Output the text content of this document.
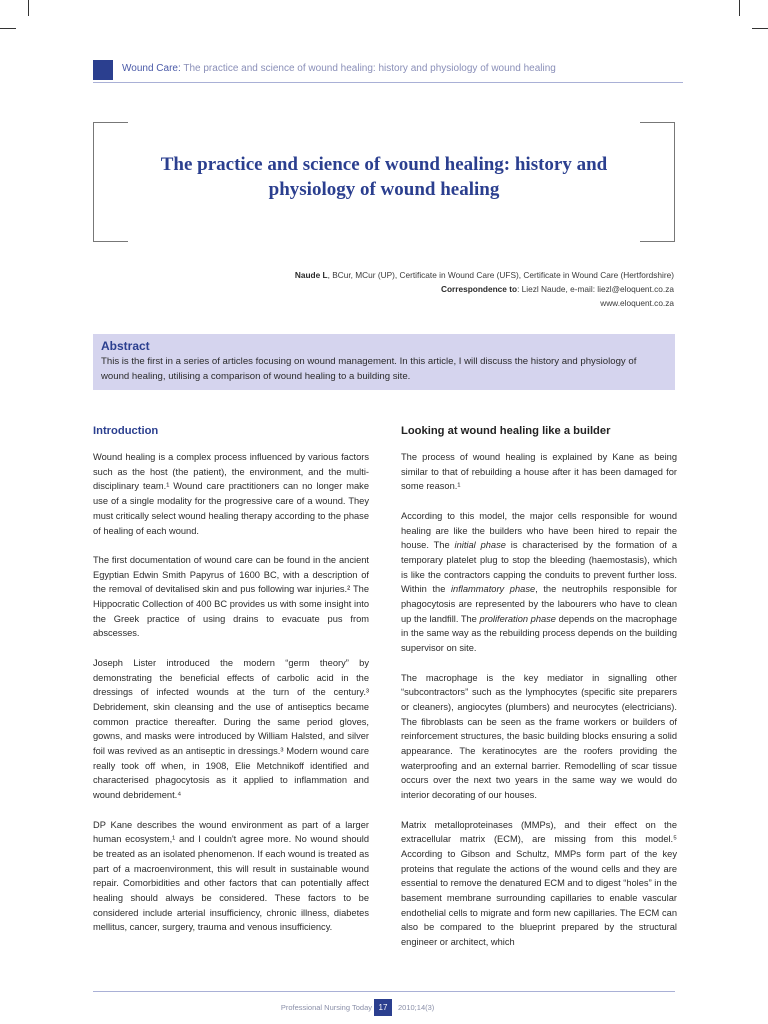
Wound Care: The practice and science of wound healing: history and physiology of wound healing
The practice and science of wound healing: history and physiology of wound healing
Naude L, BCur, MCur (UP), Certificate in Wound Care (UFS), Certificate in Wound Care (Hertfordshire)
Correspondence to: Liezl Naude, e-mail: liezl@eloquent.co.za
www.eloquent.co.za
Abstract
This is the first in a series of articles focusing on wound management. In this article, I will discuss the history and physiology of wound healing, utilising a comparison of wound healing to a building site.
Introduction

Wound healing is a complex process influenced by various factors such as the host (the patient), the environment, and the multi-disciplinary team.¹ Wound care practitioners can no longer make use of a single modality for the progressive care of a wound. They must critically select wound healing therapy according to the phase of healing of each wound.

The first documentation of wound care can be found in the ancient Egyptian Edwin Smith Papyrus of 1600 BC, with a description of the removal of devitalised skin and pus following war injuries.² The Hippocratic Collection of 400 BC provides us with some insight into the Greek practice of using drains to evacuate pus from abscesses.

Joseph Lister introduced the modern “germ theory” by demonstrating the beneficial effects of carbolic acid in the dressings of infected wounds at the turn of the century.³ Debridement, skin cleansing and the use of antiseptics became common practice thereafter. During the same period gloves, gowns, and masks were introduced by William Halsted, and silver foil was revived as an antiseptic in dressings.³ Modern wound care really took off when, in 1908, Elie Metchnikoff identified and characterised phagocytosis as it applied to inflammation and wound debridement.⁴

DP Kane describes the wound environment as part of a larger human ecosystem,¹ and I couldn't agree more. No wound should be treated as an isolated phenomenon. If each wound is treated as part of a macroenvironment, this will result in sustainable wound repair. Comorbidities and other factors that can potentially affect healing should always be considered. These factors to be considered include arterial insufficiency, chronic illness, diabetes mellitus, cancer, surgery, trauma and venous insufficiency.

Looking at wound healing like a builder

The process of wound healing is explained by Kane as being similar to that of rebuilding a house after it has been damaged for some reason.¹

According to this model, the major cells responsible for wound healing are like the builders who have been hired to repair the house. The initial phase is characterised by the formation of a temporary platelet plug to stop the bleeding (haemostasis), which is like the contractors capping the conduits to prevent further loss. Within the inflammatory phase, the neutrophils responsible for phagocytosis are represented by the labourers who have to clean up the landfill. The proliferation phase depends on the macrophage in the same way as the rebuilding process depends on the building supervisor on site.

The macrophage is the key mediator in signalling other “subcontractors” such as the lymphocytes (specific site preparers or cleaners), angiocytes (plumbers) and neurocytes (electricians). The fibroblasts can be seen as the frame workers or builders of reinforcement structures, the basic building blocks ensuring a solid appearance. The keratinocytes are the roofers providing the waterproofing and an external barrier. Remodelling of scar tissue occurs over the next two years in the same way we would do interior decorating of our houses.

Matrix metalloproteinases (MMPs), and their effect on the extracellular matrix (ECM), are missing from this model.⁵ According to Gibson and Schultz, MMPs form part of the key proteins that regulate the actions of the wound cells and they are essential to remove the denatured ECM and to digest “holes” in the basement membrane surrounding capillaries to enable vascular endothelial cells to migrate and form new capillaries. The ECM can also be compared to the blueprint prepared by the structural engineer or architect, which

Professional Nursing Today 17	2010;14(3)
